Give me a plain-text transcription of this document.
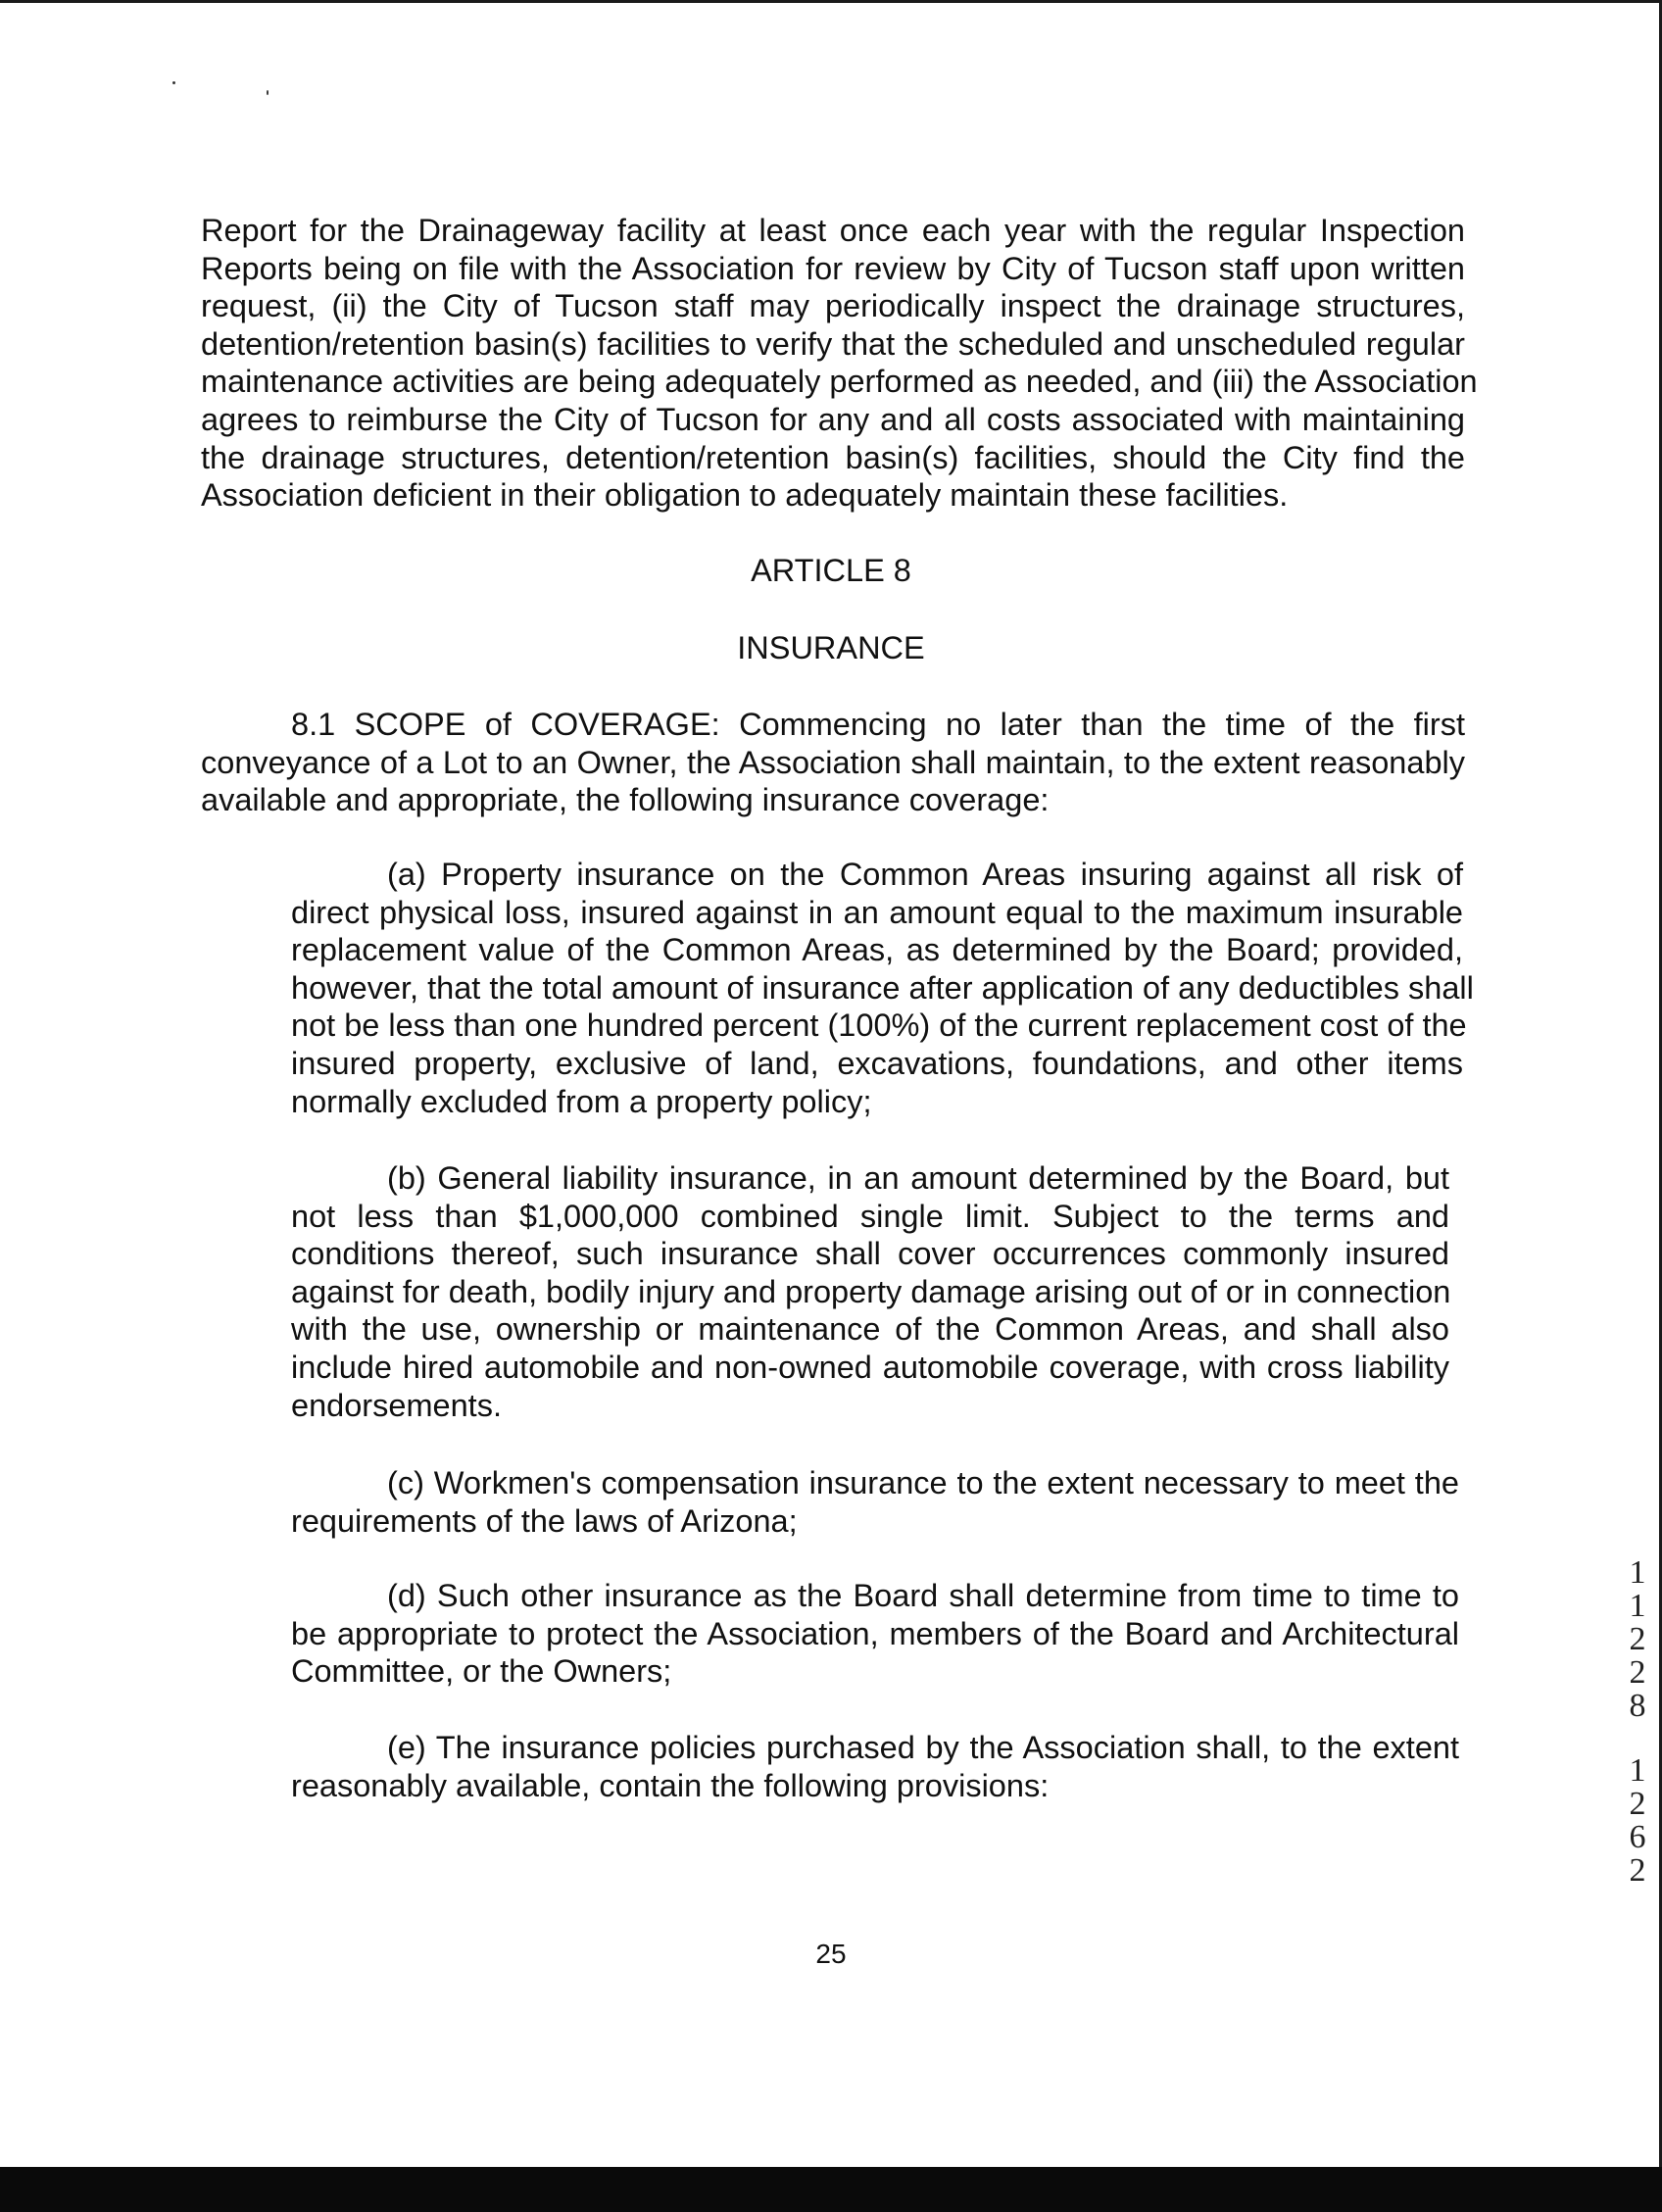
Report for the Drainageway facility at least once each year with the regular Inspection
Reports being on file with the Association for review by City of Tucson staff upon written
request, (ii) the City of Tucson staff may periodically inspect the drainage structures,
detention/retention basin(s) facilities to verify that the scheduled and unscheduled regular
maintenance activities are being adequately performed as needed, and (iii) the Association
agrees to reimburse the City of Tucson for any and all costs associated with maintaining
the drainage structures, detention/retention basin(s) facilities, should the City find the
Association deficient in their obligation to adequately maintain these facilities.
ARTICLE 8
INSURANCE
8.1 SCOPE of COVERAGE: Commencing no later than the time of the first
conveyance of a Lot to an Owner, the Association shall maintain, to the extent reasonably
available and appropriate, the following insurance coverage:
(a) Property insurance on the Common Areas insuring against all risk of
direct physical loss, insured against in an amount equal to the maximum insurable
replacement value of the Common Areas, as determined by the Board; provided,
however, that the total amount of insurance after application of any deductibles shall
not be less than one hundred percent (100%) of the current replacement cost of the
insured property, exclusive of land, excavations, foundations, and other items
normally excluded from a property policy;
(b) General liability insurance, in an amount determined by the Board, but
not less than $1,000,000 combined single limit. Subject to the terms and
conditions thereof, such insurance shall cover occurrences commonly insured
against for death, bodily injury and property damage arising out of or in connection
with the use, ownership or maintenance of the Common Areas, and shall also
include hired automobile and non-owned automobile coverage, with cross liability
endorsements.
(c) Workmen's compensation insurance to the extent necessary to meet the
requirements of the laws of Arizona;
(d) Such other insurance as the Board shall determine from time to time to
be appropriate to protect the Association, members of the Board and Architectural
Committee, or the Owners;
(e) The insurance policies purchased by the Association shall, to the extent
reasonably available, contain the following provisions:
25
1
1
2
2
8
1
2
6
2
